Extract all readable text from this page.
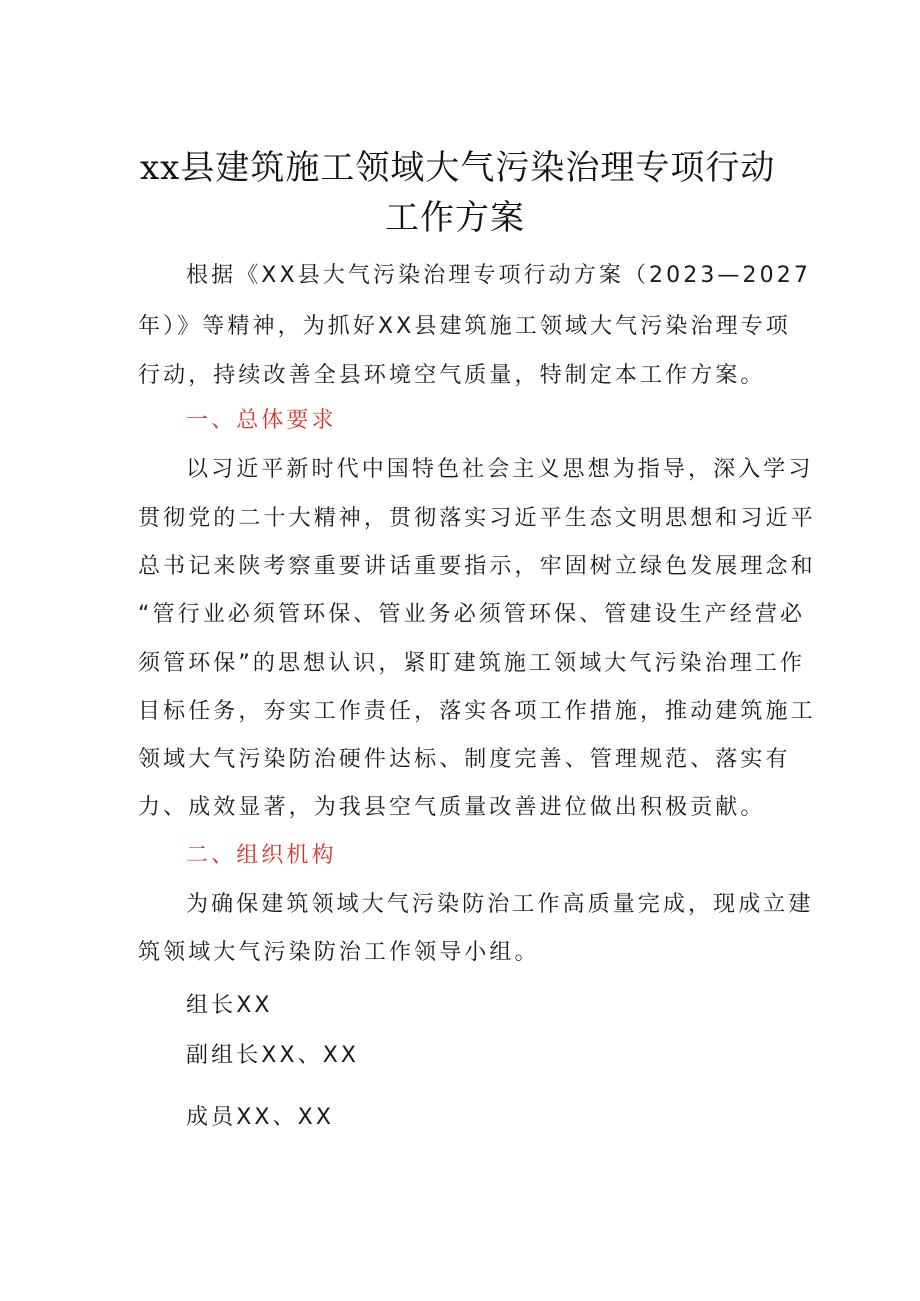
xx县建筑施工领域大气污染治理专项行动
工作方案
根据《XX县大气污染治理专项行动方案（2023—2027
年）》等精神，为抓好XX县建筑施工领域大气污染治理专项
行动，持续改善全县环境空气质量，特制定本工作方案。
一、总体要求
以习近平新时代中国特色社会主义思想为指导，深入学习
贯彻党的二十大精神，贯彻落实习近平生态文明思想和习近平
总书记来陕考察重要讲话重要指示，牢固树立绿色发展理念和
“管行业必须管环保、管业务必须管环保、管建设生产经营必
须管环保”的思想认识，紧盯建筑施工领域大气污染治理工作
目标任务，夯实工作责任，落实各项工作措施，推动建筑施工
领域大气污染防治硬件达标、制度完善、管理规范、落实有
力、成效显著，为我县空气质量改善进位做出积极贡献。
二、组织机构
为确保建筑领域大气污染防治工作高质量完成，现成立建
筑领域大气污染防治工作领导小组。
组长XX
副组长XX、XX
成员XX、XX
